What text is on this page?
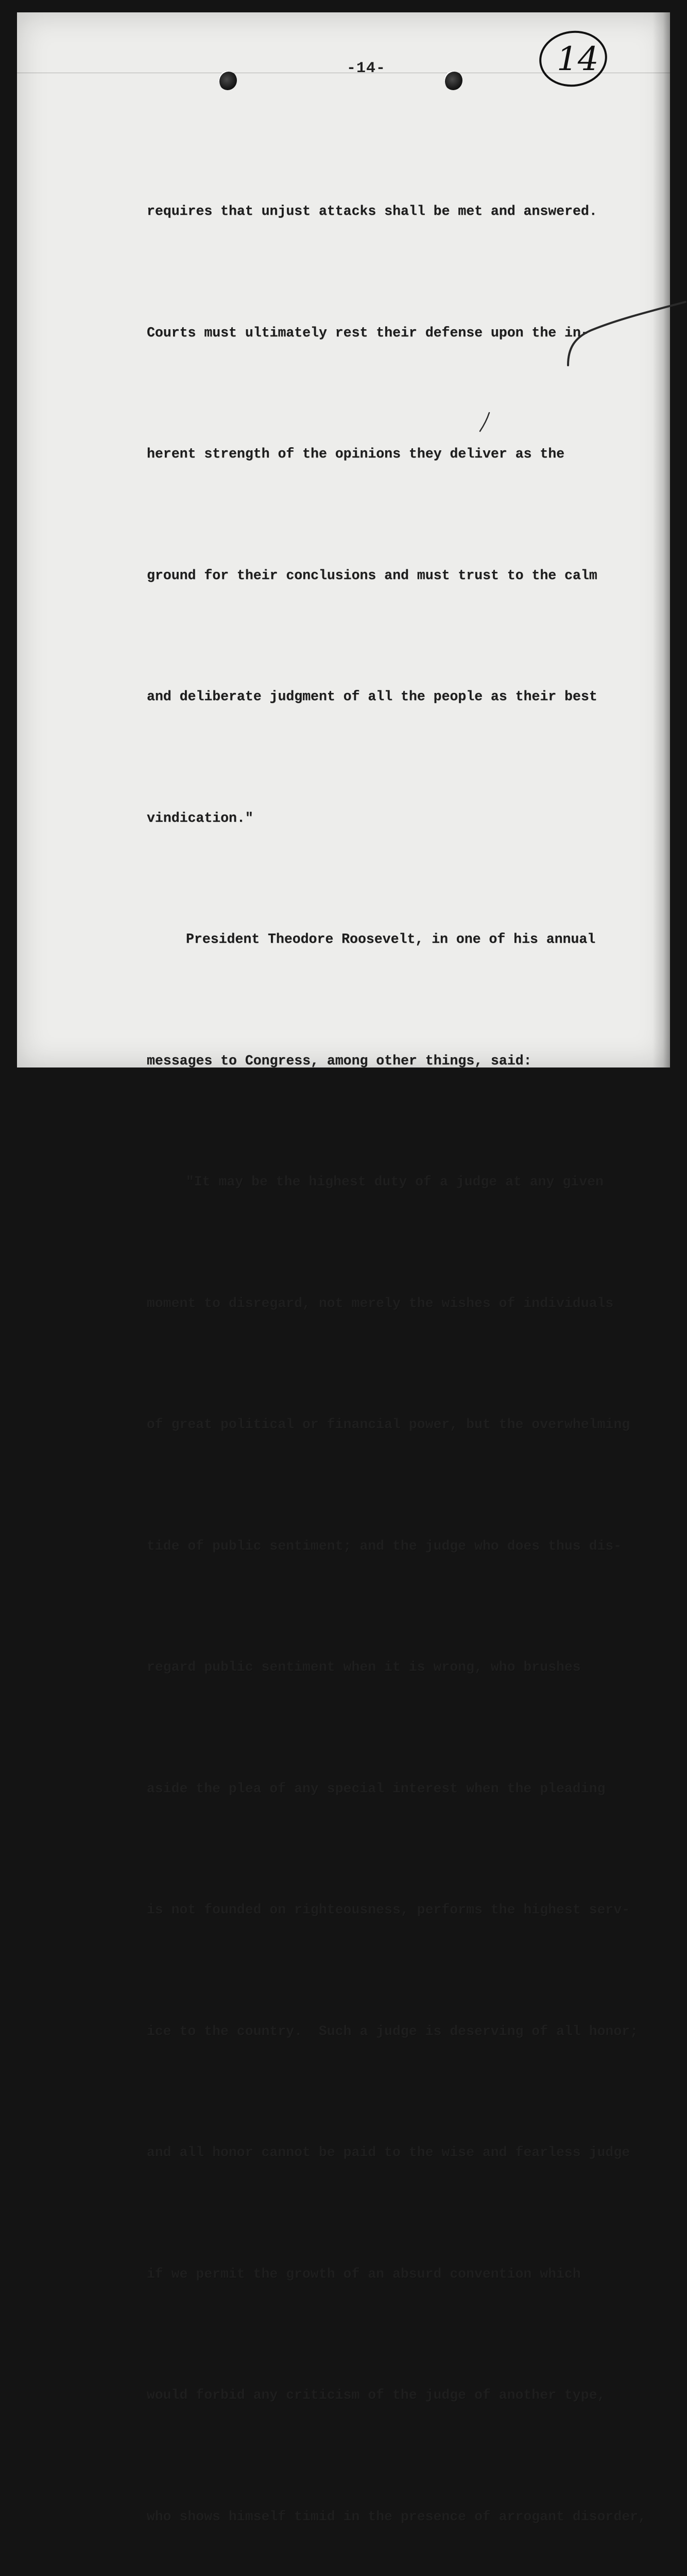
-14-	14

requires that unjust attacks shall be met and answered.

Courts must ultimately rest their defense upon the in-

herent strength of the opinions they deliver as the

ground for their conclusions and must trust to the calm

and deliberate judgment of all the people as their best

vindication."

President Theodore Roosevelt, in one of his annual

messages to Congress, among other things, said:

"It may be the highest duty of a judge at any given

moment to disregard, not merely the wishes of individuals

of great political or financial power, but the overwhelming

tide of public sentiment; and the judge who does thus dis-

regard public sentiment when it is wrong, who brushes

aside the plea of any special interest when the pleading

is not founded on righteousness, performs the highest serv-

ice to the country.  Such a judge is deserving of all honor;

and all honor cannot be paid to the wise and fearless judge

if we permit the growth of an absurd convention which

would forbid any criticism of the judge of another type,

who shows himself timid in the presence of arrogant disorder,
